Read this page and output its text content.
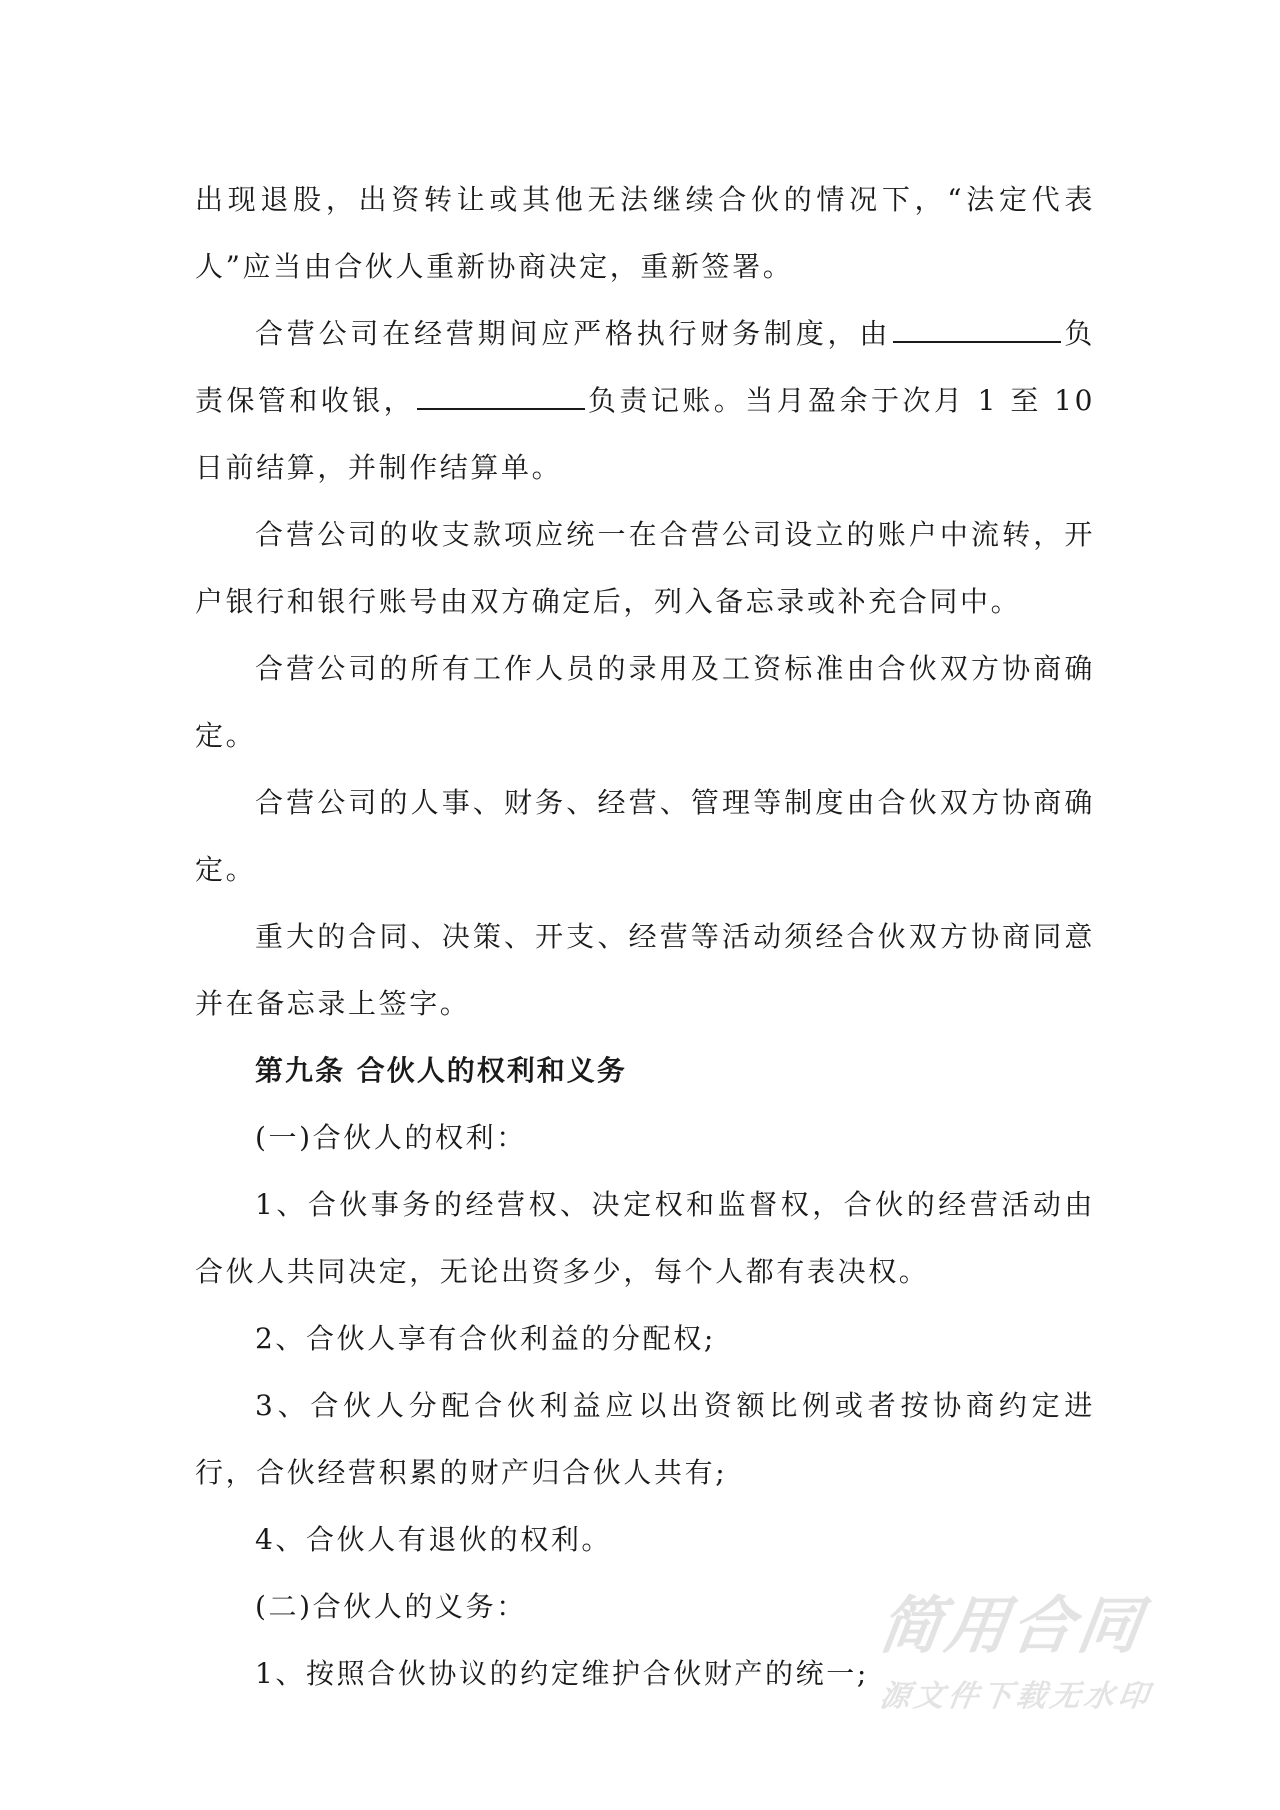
出现退股，出资转让或其他无法继续合伙的情况下，“法定代表人”应当由合伙人重新协商决定，重新签署。

合营公司在经营期间应严格执行财务制度，由	负责保管和收银，	负责记账。当月盈余于次月 1 至 10 日前结算，并制作结算单。

合营公司的收支款项应统一在合营公司设立的账户中流转，开户银行和银行账号由双方确定后，列入备忘录或补充合同中。

合营公司的所有工作人员的录用及工资标准由合伙双方协商确定。

合营公司的人事、财务、经营、管理等制度由合伙双方协商确定。

重大的合同、决策、开支、经营等活动须经合伙双方协商同意并在备忘录上签字。

第九条 合伙人的权利和义务

(一)合伙人的权利：

1、合伙事务的经营权、决定权和监督权，合伙的经营活动由合伙人共同决定，无论出资多少，每个人都有表决权。

2、合伙人享有合伙利益的分配权;

3、合伙人分配合伙利益应以出资额比例或者按协商约定进行，合伙经营积累的财产归合伙人共有;

4、合伙人有退伙的权利。

(二)合伙人的义务：

1、按照合伙协议的约定维护合伙财产的统一;

简用合同
源文件下载无水印
